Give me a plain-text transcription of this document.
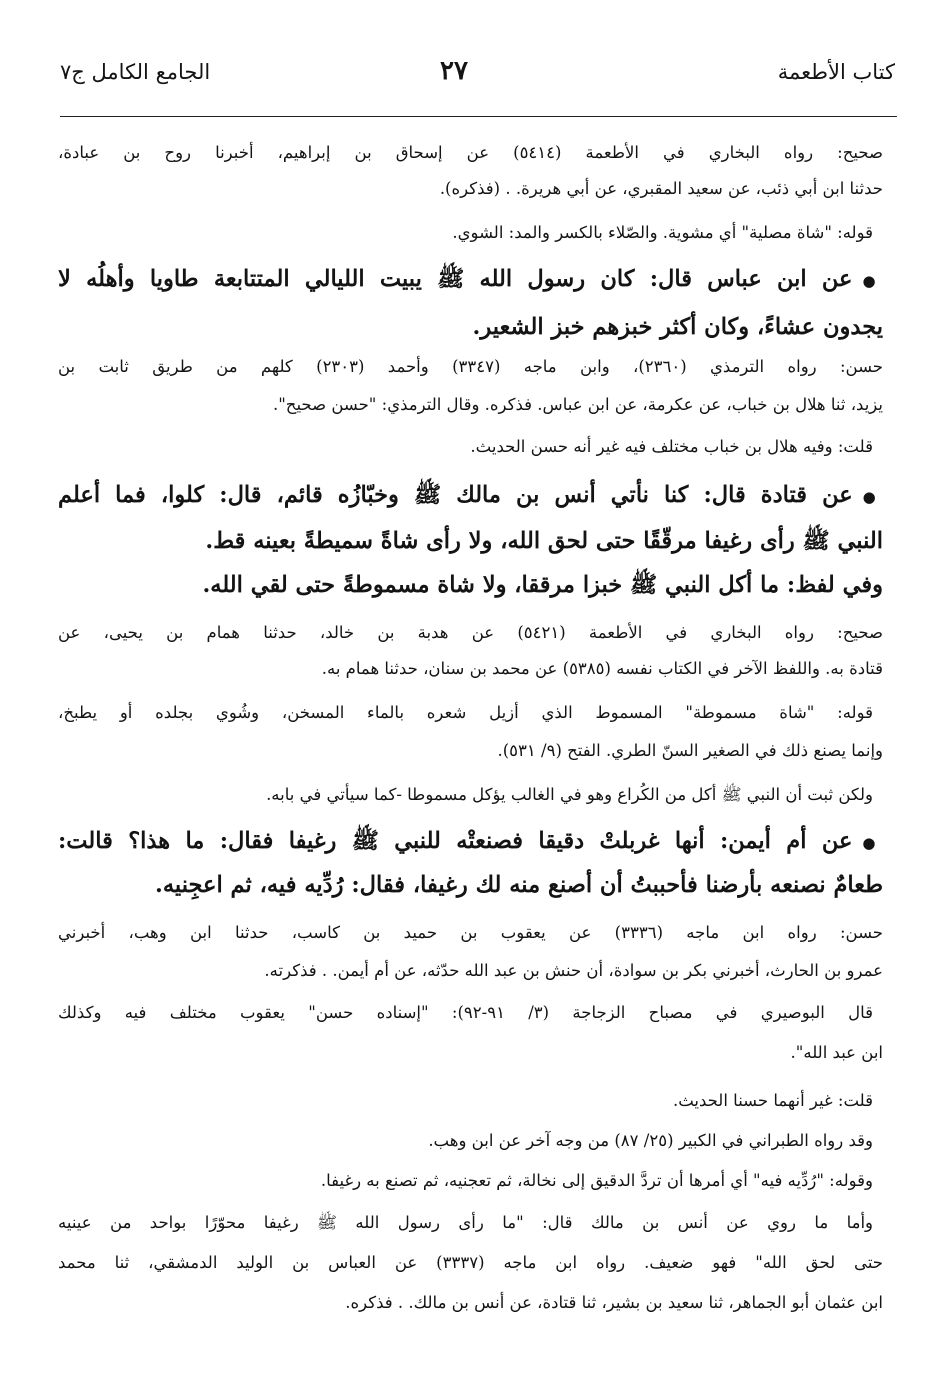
كتاب الأطعمة
٢٧
الجامع الكامل ج٧
صحيح: رواه البخاري في الأطعمة (٥٤١٤) عن إسحاق بن إبراهيم، أخبرنا روح بن عبادة،
حدثنا ابن أبي ذئب، عن سعيد المقبري، عن أبي هريرة. . (فذكره).
قوله: "شاة مصلية" أي مشوية. والصّلاء بالكسر والمد: الشوي.
●عن ابن عباس قال: كان رسول الله ﷺ يبيت الليالي المتتابعة طاويا وأهلُه لا
يجدون عشاءً، وكان أكثر خبزهم خبز الشعير.
حسن: رواه الترمذي (٢٣٦٠)، وابن ماجه (٣٣٤٧) وأحمد (٢٣٠٣) كلهم من طريق ثابت بن
يزيد، ثنا هلال بن خباب، عن عكرمة، عن ابن عباس. فذكره. وقال الترمذي: "حسن صحيح".
قلت: وفيه هلال بن خباب مختلف فيه غير أنه حسن الحديث.
●عن قتادة قال: كنا نأتي أنس بن مالك ﷺ وخبّازُه قائم، قال: كلوا، فما أعلم
النبي ﷺ رأى رغيفا مرقّقًا حتى لحق الله، ولا رأى شاةً سميطةً بعينه قط.
وفي لفظ: ما أكل النبي ﷺ خبزا مرققا، ولا شاة مسموطةً حتى لقي الله.
صحيح: رواه البخاري في الأطعمة (٥٤٢١) عن هدبة بن خالد، حدثنا همام بن يحيى، عن
قتادة به. واللفظ الآخر في الكتاب نفسه (٥٣٨٥) عن محمد بن سنان، حدثنا همام به.
قوله: "شاة مسموطة" المسموط الذي أزيل شعره بالماء المسخن، وشُوي بجلده أو يطبخ،
وإنما يصنع ذلك في الصغير السنّ الطري. الفتح (٩/ ٥٣١).
ولكن ثبت أن النبي ﷺ أكل من الكُراع وهو في الغالب يؤكل مسموطا -كما سيأتي في بابه.
●عن أم أيمن: أنها غربلتْ دقيقا فصنعتْه للنبي ﷺ رغيفا فقال: ما هذا؟ قالت:
طعامٌ نصنعه بأرضنا فأحببتُ أن أصنع منه لك رغيفا، فقال: رُدِّيه فيه، ثم اعجِنيه.
حسن: رواه ابن ماجه (٣٣٣٦) عن يعقوب بن حميد بن كاسب، حدثنا ابن وهب، أخبرني
عمرو بن الحارث، أخبرني بكر بن سوادة، أن حنش بن عبد الله حدّثه، عن أم أيمن. . فذكرته.
قال البوصيري في مصباح الزجاجة (٣/ ٩١-٩٢): "إسناده حسن" يعقوب مختلف فيه وكذلك
ابن عبد الله".
قلت: غير أنهما حسنا الحديث.
وقد رواه الطبراني في الكبير (٢٥/ ٨٧) من وجه آخر عن ابن وهب.
وقوله: "رُدِّيه فيه" أي أمرها أن تردَّ الدقيق إلى نخالة، ثم تعجنيه، ثم تصنع به رغيفا.
وأما ما روي عن أنس بن مالك قال: "ما رأى رسول الله ﷺ رغيفا محوّرًا بواحد من عينيه
حتى لحق الله" فهو ضعيف. رواه ابن ماجه (٣٣٣٧) عن العباس بن الوليد الدمشقي، ثنا محمد
ابن عثمان أبو الجماهر، ثنا سعيد بن بشير، ثنا قتادة، عن أنس بن مالك. . فذكره.
